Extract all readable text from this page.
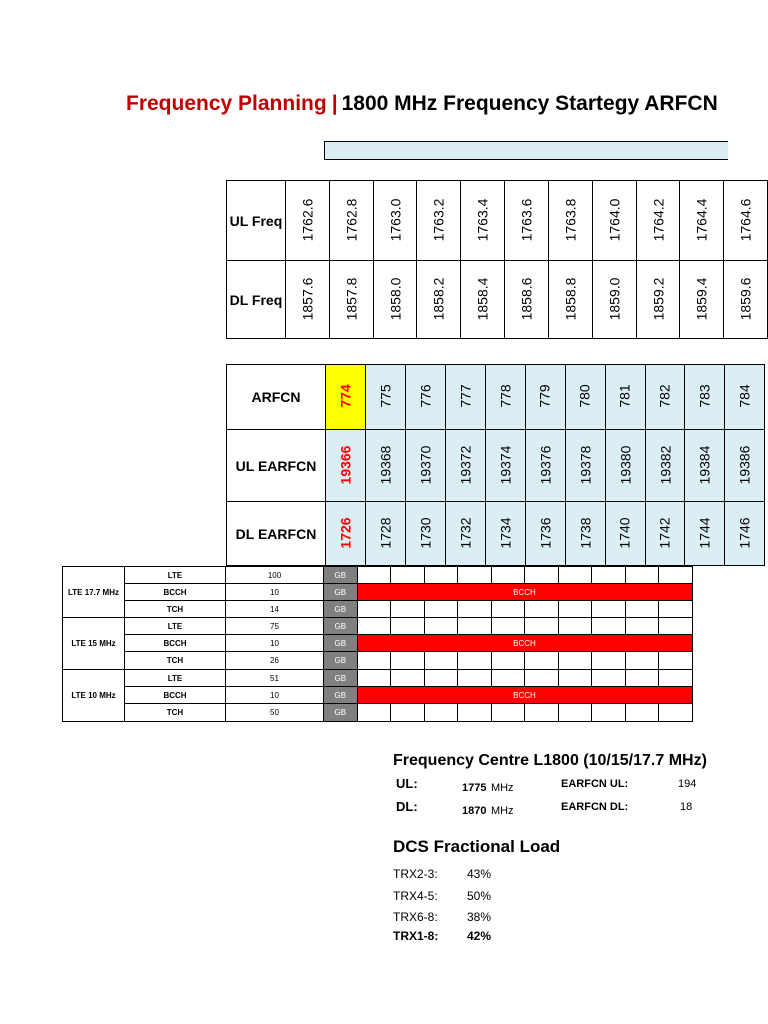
Frequency Planning | 1800 MHz Frequency Startegy ARFCN
UL Freq	1762.6	1762.8	1763.0	1763.2	1763.4	1763.6	1763.8	1764.0	1764.2	1764.4	1764.6
DL Freq	1857.6	1857.8	1858.0	1858.2	1858.4	1858.6	1858.8	1859.0	1859.2	1859.4	1859.6
ARFCN	774	775	776	777	778	779	780	781	782	783	784
UL EARFCN	19366	19368	19370	19372	19374	19376	19378	19380	19382	19384	19386
DL EARFCN	1726	1728	1730	1732	1734	1736	1738	1740	1742	1744	1746
LTE 17.7 MHz	LTE	100	GB										
	BCCH	10	GB	BCCH									
	TCH	14	GB										
LTE 15 MHz	LTE	75	GB										
	BCCH	10	GB	BCCH									
	TCH	26	GB										
LTE 10 MHz	LTE	51	GB										
	BCCH	10	GB	BCCH									
	TCH	50	GB										
Frequency Centre L1800 (10/15/17.7 MHz)
UL:	1775 MHz	EARFCN UL:	194
DL:	1870 MHz	EARFCN DL:	18
DCS Fractional Load
TRX2-3: 43%
TRX4-5: 50%
TRX6-8: 38%
TRX1-8: 42%
